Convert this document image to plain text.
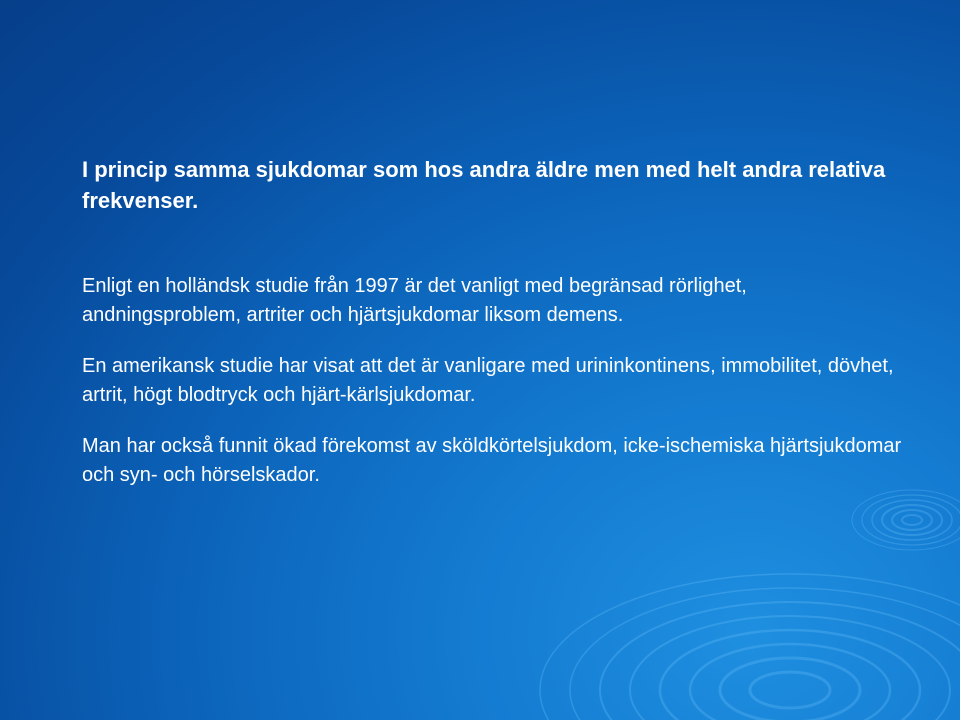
I princip samma sjukdomar som hos andra äldre men med helt andra relativa frekvenser.

Enligt en holländsk studie från 1997 är det vanligt med begränsad rörlighet, andningsproblem, artriter och hjärtsjukdomar liksom demens.

En amerikansk studie har visat att det är vanligare med urininkontinens, immobilitet, dövhet, artrit, högt blodtryck och hjärt-kärlsjukdomar.

Man har också funnit ökad förekomst av sköldkörtelsjukdom, icke-ischemiska hjärtsjukdomar och syn- och hörselskador.
